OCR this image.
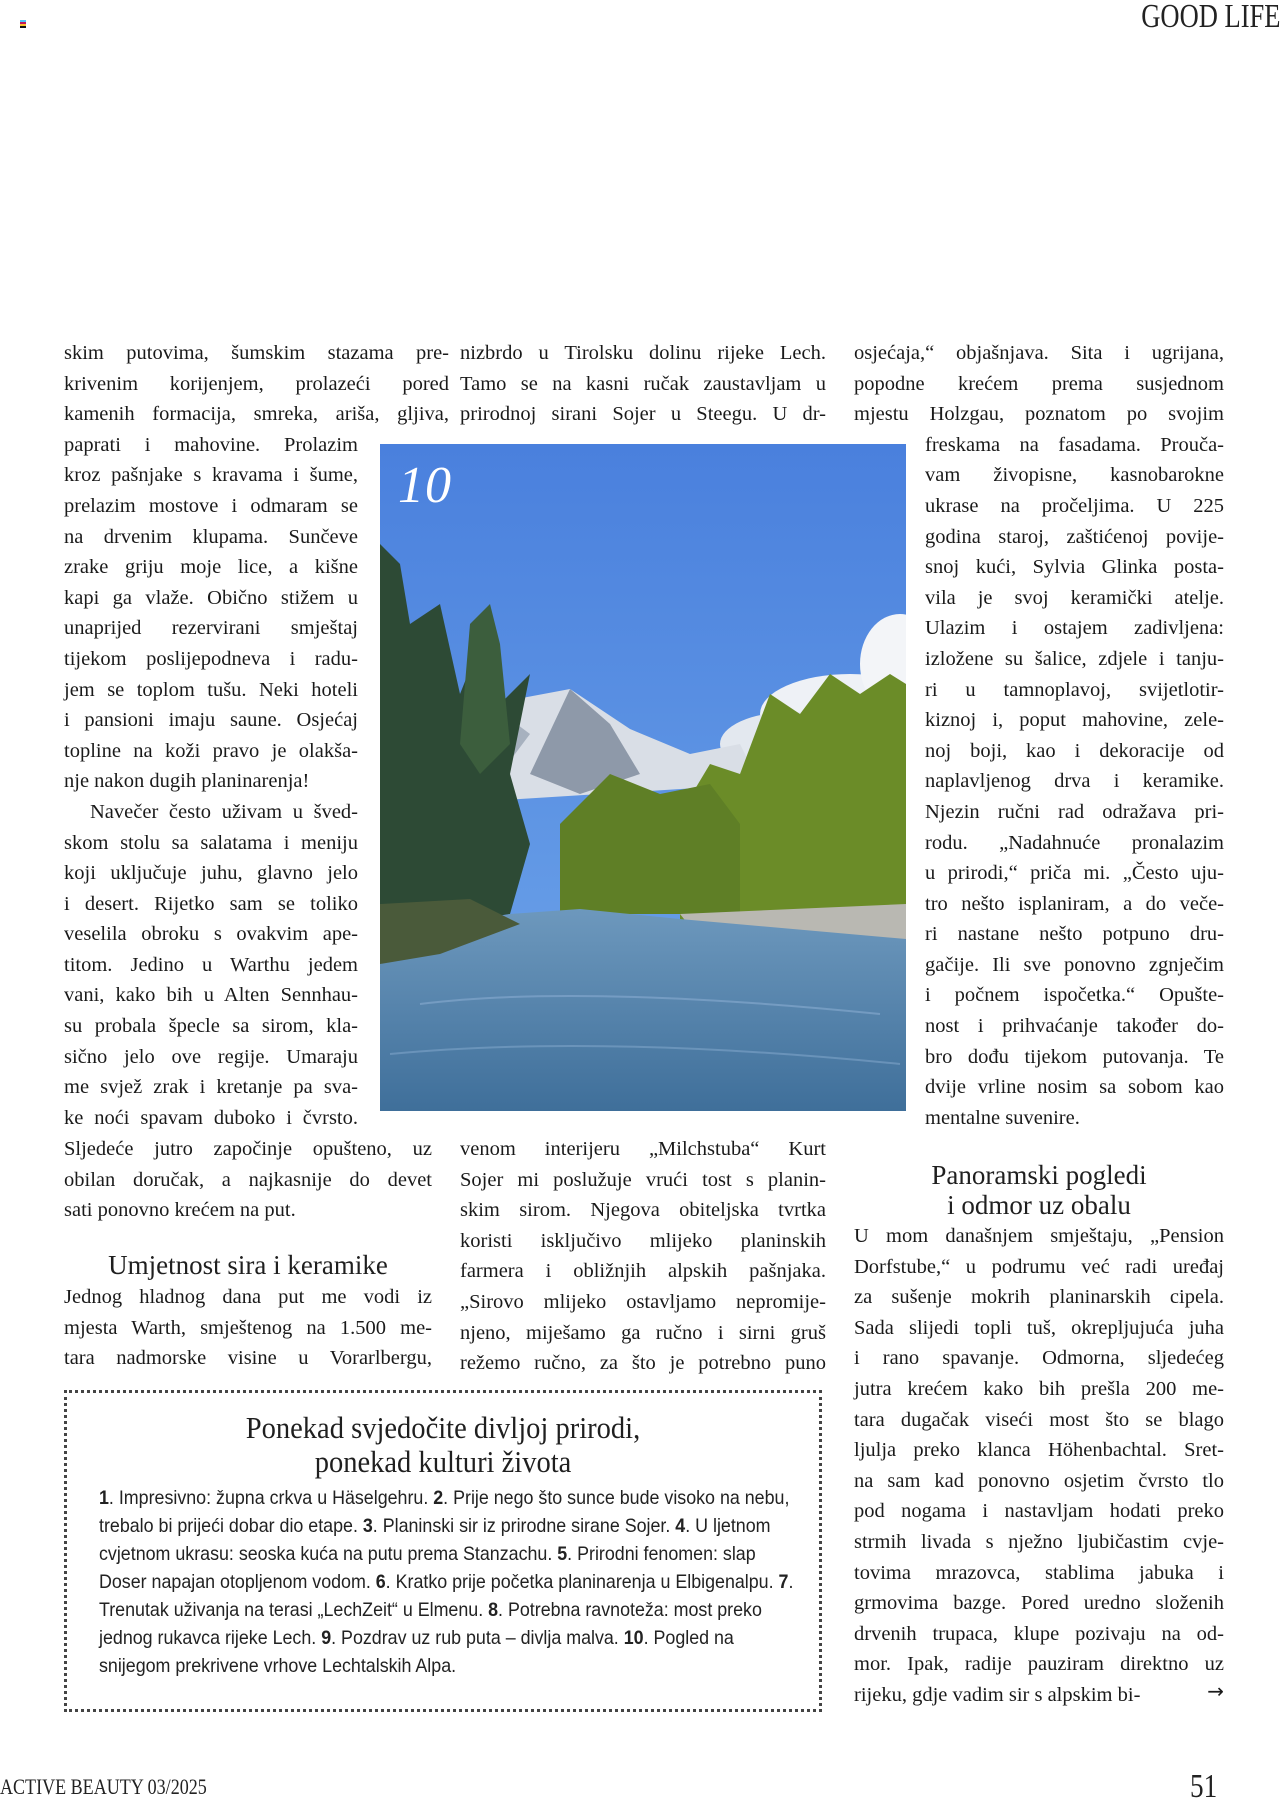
GOOD LIFE
skim putovima, šumskim stazama pre-
krivenim korijenjem, prolazeći pored
kamenih formacija, smreka, ariša, gljiva,
paprati i mahovine. Prolazim
kroz pašnjake s kravama i šume,
prelazim mostove i odmaram se
na drvenim klupama. Sunčeve
zrake griju moje lice, a kišne
kapi ga vlaže. Obično stižem u
unaprijed rezervirani smještaj
tijekom poslijepodneva i radu-
jem se toplom tušu. Neki hoteli
i pansioni imaju saune. Osjećaj
topline na koži pravo je olakša-
nje nakon dugih planinarenja!
Navečer često uživam u šved-
skom stolu sa salatama i meniju
koji uključuje juhu, glavno jelo
i desert. Rijetko sam se toliko
veselila obroku s ovakvim ape-
titom. Jedino u Warthu jedem
vani, kako bih u Alten Sennhau-
su probala špecle sa sirom, kla-
sično jelo ove regije. Umaraju
me svjež zrak i kretanje pa sva-
ke noći spavam duboko i čvrsto.
Sljedeće jutro započinje opušteno, uz
obilan doručak, a najkasnije do devet
sati ponovno krećem na put.
Umjetnost sira i keramike
Jednog hladnog dana put me vodi iz
mjesta Warth, smještenog na 1.500 me-
tara nadmorske visine u Vorarlbergu,
nizbrdo u Tirolsku dolinu rijeke Lech.
Tamo se na kasni ručak zaustavljam u
prirodnoj sirani Sojer u Steegu. U dr-
venom interijeru „Milchstuba“ Kurt
Sojer mi poslužuje vrući tost s planin-
skim sirom. Njegova obiteljska tvrtka
koristi isključivo mlijeko planinskih
farmera i obližnjih alpskih pašnjaka.
„Sirovo mlijeko ostavljamo nepromije-
njeno, miješamo ga ručno i sirni gruš
režemo ručno, za što je potrebno puno
osjećaja,“ objašnjava. Sita i ugrijana,
popodne krećem prema susjednom
mjestu Holzgau, poznatom po svojim
freskama na fasadama. Prouča-
vam živopisne, kasnobarokne
ukrase na pročeljima. U 225
godina staroj, zaštićenoj povije-
snoj kući, Sylvia Glinka posta-
vila je svoj keramički atelje.
Ulazim i ostajem zadivljena:
izložene su šalice, zdjele i tanju-
ri u tamnoplavoj, svijetlotir-
kiznoj i, poput mahovine, zele-
noj boji, kao i dekoracije od
naplavljenog drva i keramike.
Njezin ručni rad odražava pri-
rodu. „Nadahnuće pronalazim
u prirodi,“ priča mi. „Često uju-
tro nešto isplaniram, a do veče-
ri nastane nešto potpuno dru-
gačije. Ili sve ponovno zgnječim
i počnem ispočetka.“ Opušte-
nost i prihvaćanje također do-
bro dođu tijekom putovanja. Te
dvije vrline nosim sa sobom kao
mentalne suvenire.
Panoramski pogledi
i odmor uz obalu
U mom današnjem smještaju, „Pension
Dorfstube,“ u podrumu već radi uređaj
za sušenje mokrih planinarskih cipela.
Sada slijedi topli tuš, okrepljujuća juha
i rano spavanje. Odmorna, sljedećeg
jutra krećem kako bih prešla 200 me-
tara dugačak viseći most što se blago
ljulja preko klanca Höhenbachtal. Sret-
na sam kad ponovno osjetim čvrsto tlo
pod nogama i nastavljam hodati preko
strmih livada s nježno ljubičastim cvje-
tovima mrazovca, stablima jabuka i
grmovima bazge. Pored uredno složenih
drvenih trupaca, klupe pozivaju na od-
mor. Ipak, radije pauziram direktno uz
rijeku, gdje vadim sir s alpskim bi-	→
10
Ponekad svjedočite divljoj prirodi,
ponekad kulturi života
1. Impresivno: župna crkva u Häselgehru. 2. Prije nego što sunce bude visoko na nebu, trebalo bi prijeći dobar dio etape. 3. Planinski sir iz prirodne sirane Sojer. 4. U ljetnom cvjetnom ukrasu: seoska kuća na putu prema Stanzachu. 5. Prirodni fenomen: slap Doser napajan otopljenom vodom. 6. Kratko prije početka planinarenja u Elbigenalpu. 7. Trenutak uživanja na terasi „LechZeit“ u Elmenu. 8. Potrebna ravnoteža: most preko jednog rukavca rijeke Lech. 9. Pozdrav uz rub puta – divlja malva. 10. Pogled na snijegom prekrivene vrhove Lechtalskih Alpa.
ACTIVE BEAUTY 03/2025	51
